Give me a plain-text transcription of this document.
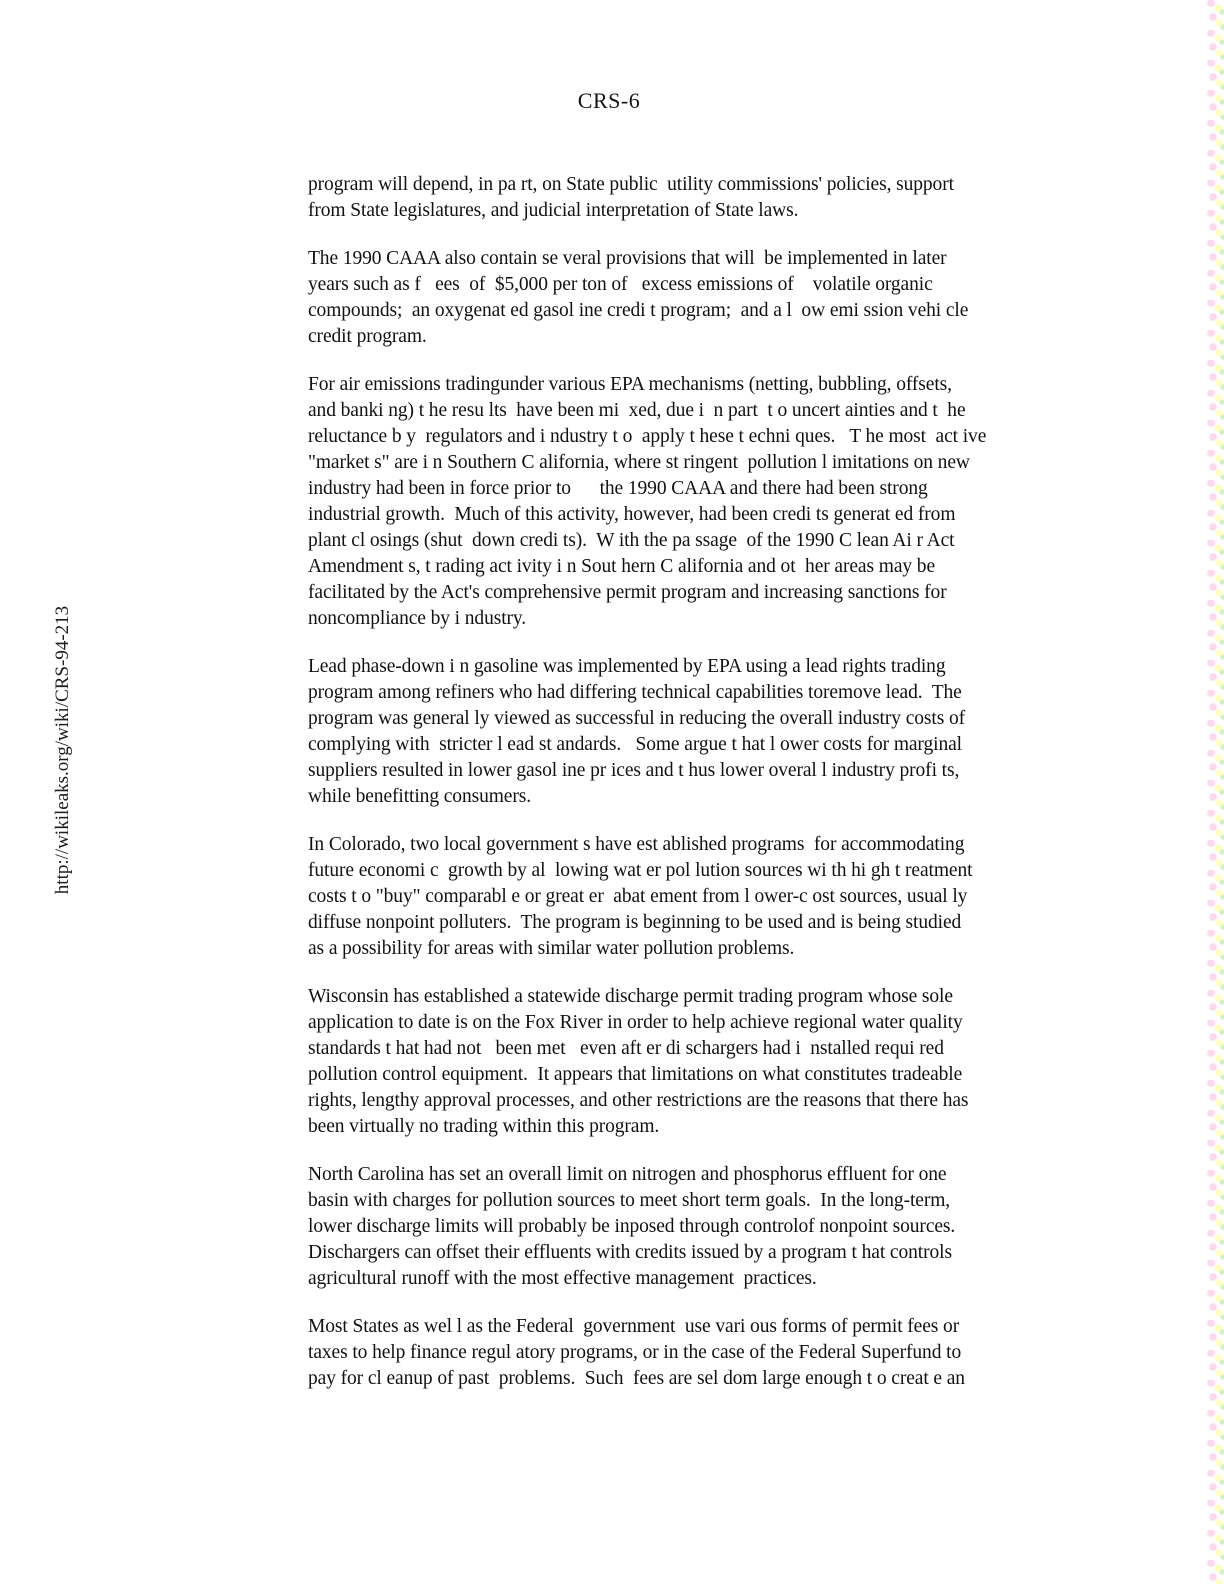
http://wikileaks.org/wiki/CRS-94-213
CRS-6
program will depend, in pa rt, on State public  utility commissions' policies, support
from State legislatures, and judicial interpretation of State laws.
The 1990 CAAA also contain se veral provisions that will  be implemented in later
years such as f   ees  of  $5,000 per ton of   excess emissions of    volatile organic
compounds;  an oxygenat ed gasol ine credi t program;  and a l  ow emi ssion vehi cle
credit program.
For air emissions tradingunder various EPA mechanisms (netting, bubbling, offsets,
and banki ng) t he resu lts  have been mi  xed, due i  n part  t o uncert ainties and t  he
reluctance b y  regulators and i ndustry t o  apply t hese t echni ques.   T he most  act ive
"market s" are i n Southern C alifornia, where st ringent  pollution l imitations on new
industry had been in force prior to      the 1990 CAAA and there had been strong
industrial growth.  Much of this activity, however, had been credi ts generat ed from
plant cl osings (shut  down credi ts).  W ith the pa ssage  of the 1990 C lean Ai r Act
Amendment s, t rading act ivity i n Sout hern C alifornia and ot  her areas may be
facilitated by the Act's comprehensive permit program and increasing sanctions for
noncompliance by i ndustry.
Lead phase-down i n gasoline was implemented by EPA using a lead rights trading
program among refiners who had differing technical capabilities toremove lead.  The
program was general ly viewed as successful in reducing the overall industry costs of
complying with  stricter l ead st andards.   Some argue t hat l ower costs for marginal
suppliers resulted in lower gasol ine pr ices and t hus lower overal l industry profi ts,
while benefitting consumers.
In Colorado, two local government s have est ablished programs  for accommodating
future economi c  growth by al  lowing wat er pol lution sources wi th hi gh t reatment
costs t o "buy" comparabl e or great er  abat ement from l ower-c ost sources, usual ly
diffuse nonpoint polluters.  The program is beginning to be used and is being studied
as a possibility for areas with similar water pollution problems.
Wisconsin has established a statewide discharge permit trading program whose sole
application to date is on the Fox River in order to help achieve regional water quality
standards t hat had not   been met   even aft er di schargers had i  nstalled requi red
pollution control equipment.  It appears that limitations on what constitutes tradeable
rights, lengthy approval processes, and other restrictions are the reasons that there has
been virtually no trading within this program.
North Carolina has set an overall limit on nitrogen and phosphorus effluent for one
basin with charges for pollution sources to meet short term goals.  In the long-term,
lower discharge limits will probably be inposed through controlof nonpoint sources.
Dischargers can offset their effluents with credits issued by a program t hat controls
agricultural runoff with the most effective management  practices.
Most States as wel l as the Federal  government  use vari ous forms of permit fees or
taxes to help finance regul atory programs, or in the case of the Federal Superfund to
pay for cl eanup of past  problems.  Such  fees are sel dom large enough t o creat e an
